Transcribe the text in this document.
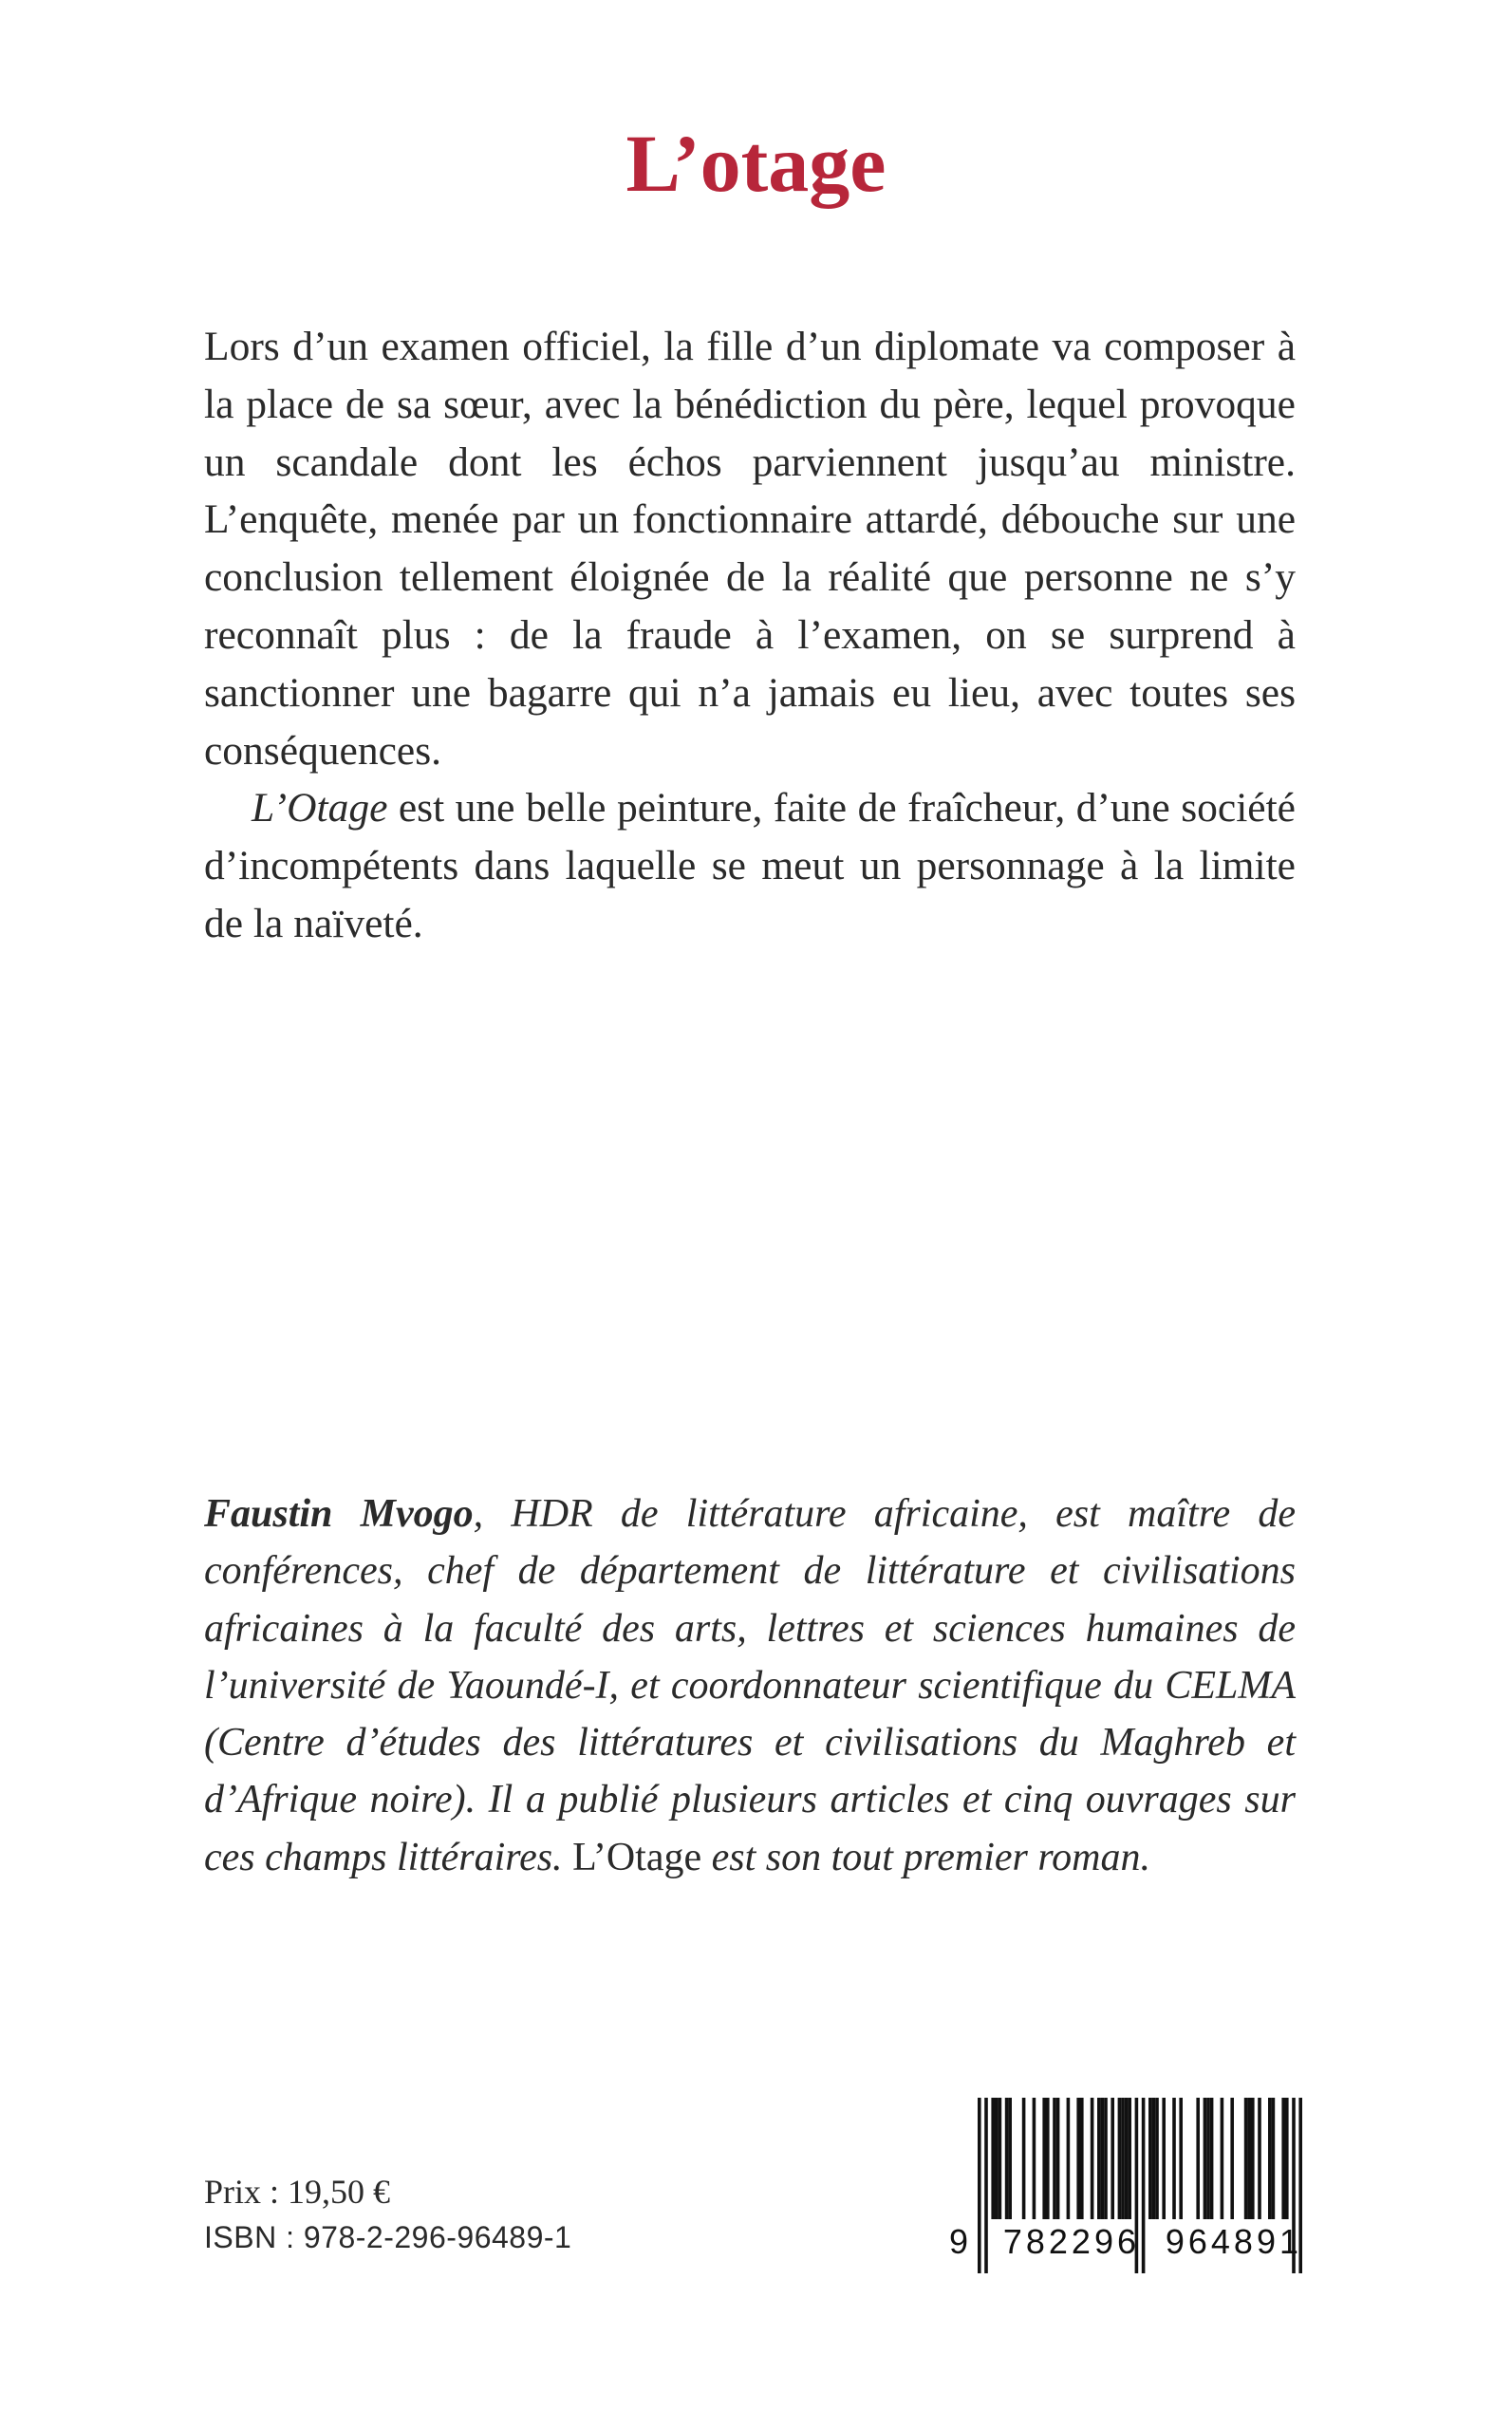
L’otage

Lors d’un examen officiel, la fille d’un diplomate va composer à la place de sa sœur, avec la bénédiction du père, lequel provoque un scandale dont les échos parviennent jusqu’au ministre. L’enquête, menée par un fonctionnaire attardé, débouche sur une conclusion tellement éloignée de la réalité que personne ne s’y reconnaît plus : de la fraude à l’examen, on se surprend à sanctionner une bagarre qui n’a jamais eu lieu, avec toutes ses conséquences.

L’Otage est une belle peinture, faite de fraîcheur, d’une société d’incompétents dans laquelle se meut un personnage à la limite de la naïveté.

Faustin Mvogo, HDR de littérature africaine, est maître de conférences, chef de département de littérature et civilisations africaines à la faculté des arts, lettres et sciences humaines de l’université de Yaoundé-I, et coordonnateur scientifique du CELMA (Centre d’études des littératures et civilisations du Maghreb et d’Afrique noire). Il a publié plusieurs articles et cinq ouvrages sur ces champs littéraires. L’Otage est son tout premier roman.

Prix : 19,50 €
ISBN : 978-2-296-96489-1	9 782296 964891
